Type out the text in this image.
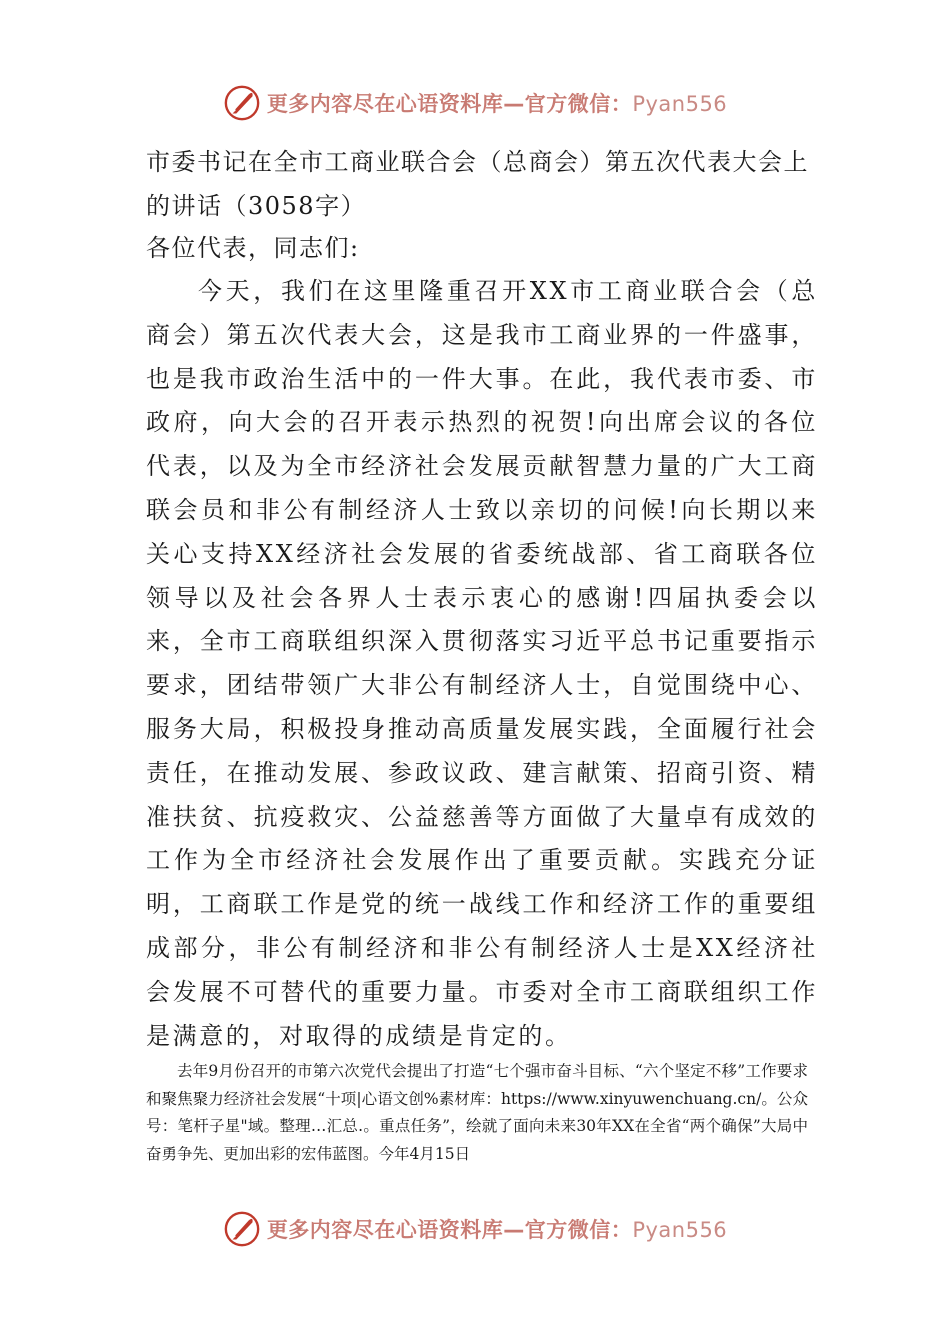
更多内容尽在心语资料库—官方微信：Pyan556
市委书记在全市工商业联合会（总商会）第五次代表大会上的讲话（3058字）

各位代表，同志们:

今天，我们在这里隆重召开XX市工商业联合会（总商会）第五次代表大会，这是我市工商业界的一件盛事，也是我市政治生活中的一件大事。在此，我代表市委、市政府，向大会的召开表示热烈的祝贺!向出席会议的各位代表，以及为全市经济社会发展贡献智慧力量的广大工商联会员和非公有制经济人士致以亲切的问候!向长期以来关心支持XX经济社会发展的省委统战部、省工商联各位领导以及社会各界人士表示衷心的感谢!四届执委会以来，全市工商联组织深入贯彻落实习近平总书记重要指示要求，团结带领广大非公有制经济人士，自觉围绕中心、服务大局，积极投身推动高质量发展实践，全面履行社会责任，在推动发展、参政议政、建言献策、招商引资、精准扶贫、抗疫救灾、公益慈善等方面做了大量卓有成效的工作为全市经济社会发展作出了重要贡献。实践充分证明，工商联工作是党的统一战线工作和经济工作的重要组成部分，非公有制经济和非公有制经济人士是XX经济社会发展不可替代的重要力量。市委对全市工商联组织工作是满意的，对取得的成绩是肯定的。

去年9月份召开的市第六次党代会提出了打造“七个强市奋斗目标、“六个坚定不移”工作要求和聚焦聚力经济社会发展“十项|心语文创%素材库：https://www.xinyuwenchuang.cn/。公众号：笔杆子星"域。整理…汇总.。重点任务”，绘就了面向未来30年XX在全省“两个确保”大局中奋勇争先、更加出彩的宏伟蓝图。今年4月15日

更多内容尽在心语资料库—官方微信：Pyan556
